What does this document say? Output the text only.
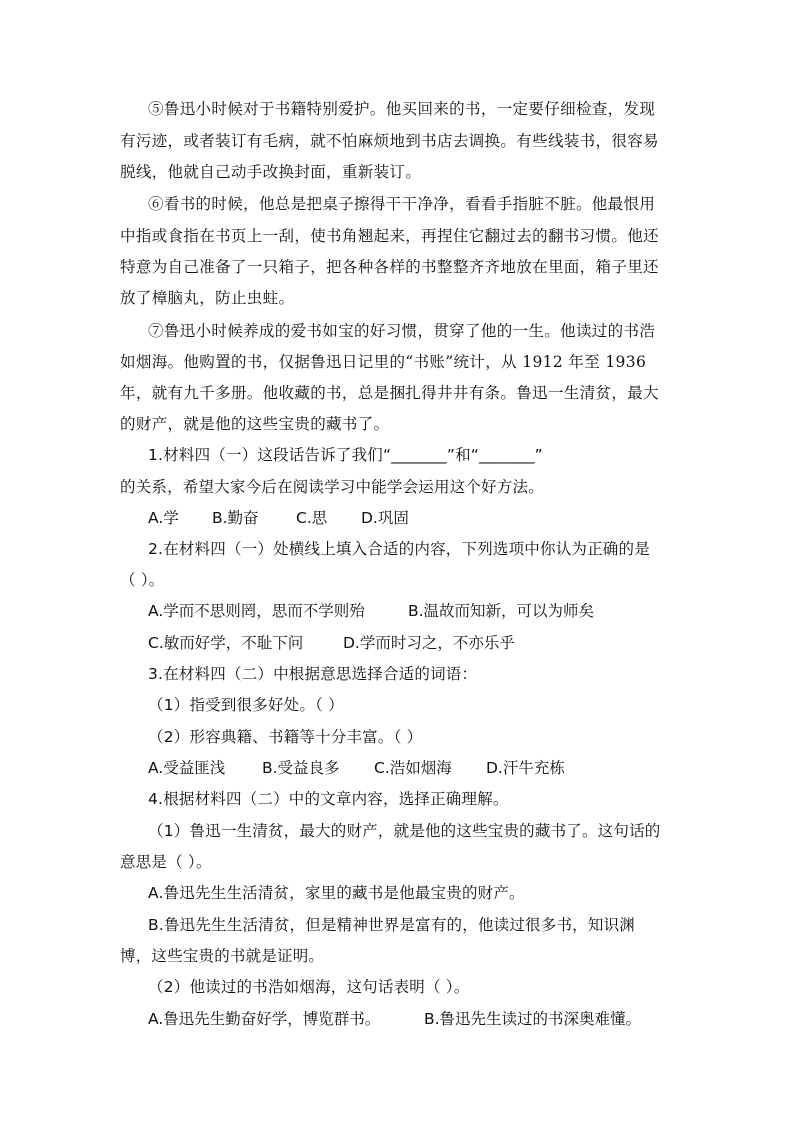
⑤鲁迅小时候对于书籍特别爱护。他买回来的书，一定要仔细检查，发现
有污迹，或者装订有毛病，就不怕麻烦地到书店去调换。有些线装书，很容易
脱线，他就自己动手改换封面，重新装订。
⑥看书的时候，他总是把桌子擦得干干净净，看看手指脏不脏。他最恨用
中指或食指在书页上一刮，使书角翘起来，再捏住它翻过去的翻书习惯。他还
特意为自己准备了一只箱子，把各种各样的书整整齐齐地放在里面，箱子里还
放了樟脑丸，防止虫蛀。
⑦鲁迅小时候养成的爱书如宝的好习惯，贯穿了他的一生。他读过的书浩
如烟海。他购置的书，仅据鲁迅日记里的“书账”统计，从 1912 年至 1936
年，就有九千多册。他收藏的书，总是捆扎得井井有条。鲁迅一生清贫，最大
的财产，就是他的这些宝贵的藏书了。
1.材料四（一）这段话告诉了我们“_______”和“_______”
的关系，希望大家今后在阅读学习中能学会运用这个好方法。
A.学 B.勤奋 C.思 D.巩固
2.在材料四（一）处横线上填入合适的内容，下列选项中你认为正确的是
（ ）。
A.学而不思则罔，思而不学则殆	B.温故而知新，可以为师矣
C.敏而好学，不耻下问	D.学而时习之，不亦乐乎
3.在材料四（二）中根据意思选择合适的词语：
（1）指受到很多好处。（ ）
（2）形容典籍、书籍等十分丰富。（ ）
A.受益匪浅 B.受益良多 C.浩如烟海 D.汗牛充栋
4.根据材料四（二）中的文章内容，选择正确理解。
（1）鲁迅一生清贫，最大的财产，就是他的这些宝贵的藏书了。这句话的
意思是（ ）。
A.鲁迅先生生活清贫，家里的藏书是他最宝贵的财产。
B.鲁迅先生生活清贫，但是精神世界是富有的，他读过很多书，知识渊
博，这些宝贵的书就是证明。
（2）他读过的书浩如烟海，这句话表明（ ）。
A.鲁迅先生勤奋好学，博览群书。	B.鲁迅先生读过的书深奥难懂。
